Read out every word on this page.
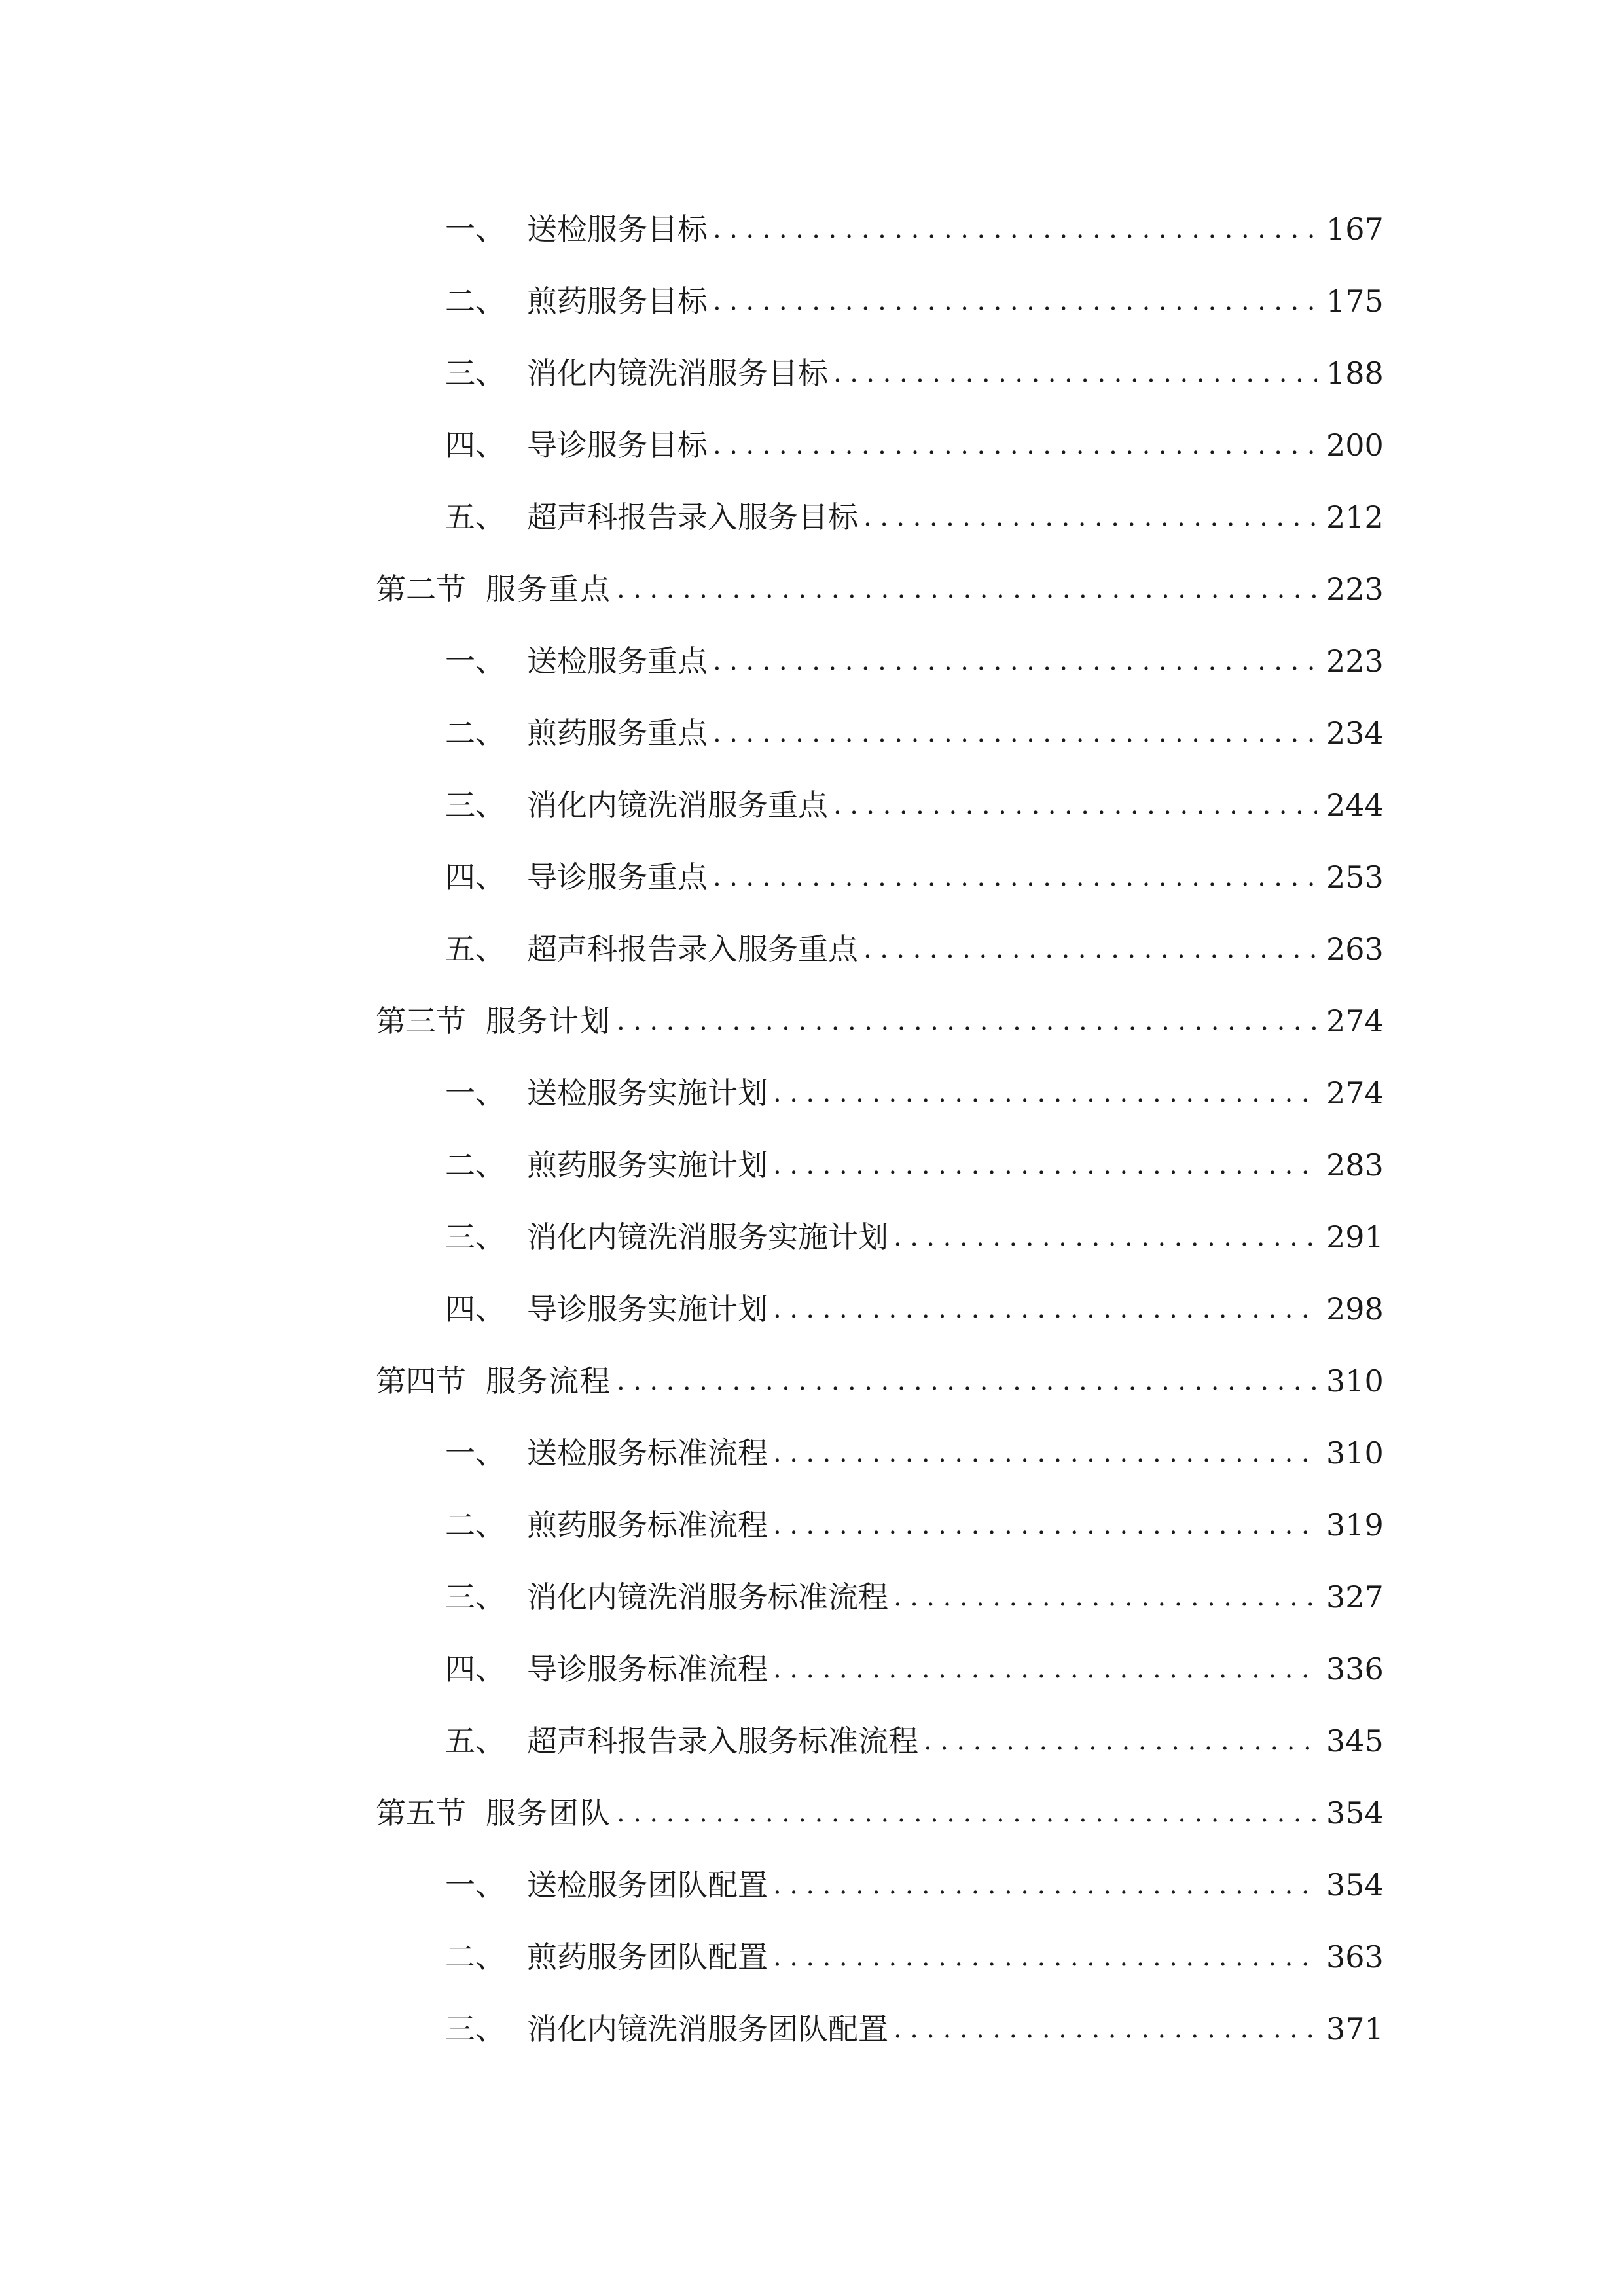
一、 送检服务目标 .....	167
二、 煎药服务目标 .....	175
三、 消化内镜洗消服务目标 .....	188
四、 导诊服务目标 .....	200
五、 超声科报告录入服务目标 .....	212
第二节 服务重点 .....	223
一、 送检服务重点 .....	223
二、 煎药服务重点 .....	234
三、 消化内镜洗消服务重点 .....	244
四、 导诊服务重点 .....	253
五、 超声科报告录入服务重点 .....	263
第三节 服务计划 .....	274
一、 送检服务实施计划 .....	274
二、 煎药服务实施计划 .....	283
三、 消化内镜洗消服务实施计划 .....	291
四、 导诊服务实施计划 .....	298
第四节 服务流程 .....	310
一、 送检服务标准流程 .....	310
二、 煎药服务标准流程 .....	319
三、 消化内镜洗消服务标准流程 .....	327
四、 导诊服务标准流程 .....	336
五、 超声科报告录入服务标准流程 .....	345
第五节 服务团队 .....	354
一、 送检服务团队配置 .....	354
二、 煎药服务团队配置 .....	363
三、 消化内镜洗消服务团队配置 .....	371
